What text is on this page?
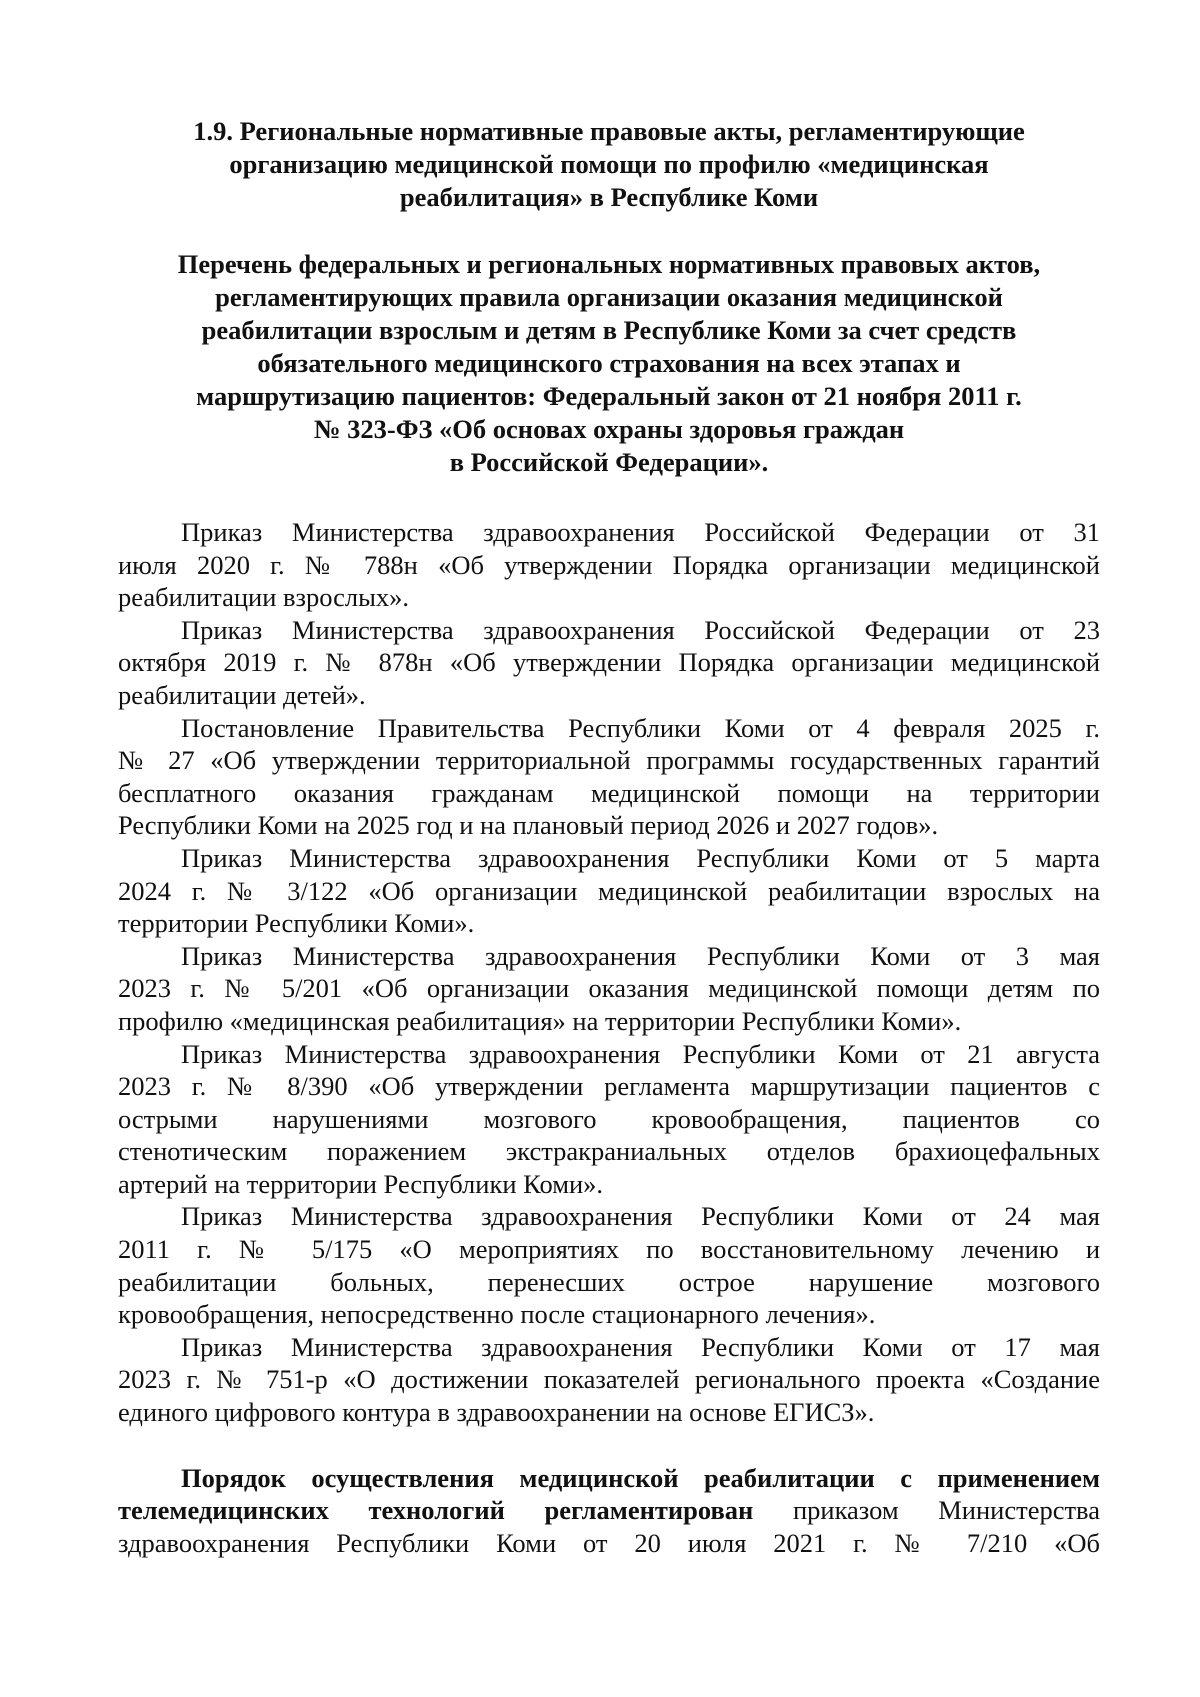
1.9. Региональные нормативные правовые акты, регламентирующие
организацию медицинской помощи по профилю «медицинская
реабилитация» в Республике Коми
Перечень федеральных и региональных нормативных правовых актов,
регламентирующих правила организации оказания медицинской
реабилитации взрослым и детям в Республике Коми за счет средств
обязательного медицинского страхования на всех этапах и
маршрутизацию пациентов: Федеральный закон от 21 ноября 2011 г.
№ 323-ФЗ «Об основах охраны здоровья граждан
в Российской Федерации».

Приказ Министерства здравоохранения Российской Федерации от 31
июля 2020 г. № 788н «Об утверждении Порядка организации медицинской
реабилитации взрослых».

Приказ Министерства здравоохранения Российской Федерации от 23
октября 2019 г. № 878н «Об утверждении Порядка организации медицинской
реабилитации детей».

Постановление Правительства Республики Коми от 4 февраля 2025 г.
№ 27 «Об утверждении территориальной программы государственных гарантий
бесплатного оказания гражданам медицинской помощи на территории
Республики Коми на 2025 год и на плановый период 2026 и 2027 годов».

Приказ Министерства здравоохранения Республики Коми от 5 марта
2024 г. № 3/122 «Об организации медицинской реабилитации взрослых на
территории Республики Коми».

Приказ Министерства здравоохранения Республики Коми от 3 мая
2023 г. № 5/201 «Об организации оказания медицинской помощи детям по
профилю «медицинская реабилитация» на территории Республики Коми».

Приказ Министерства здравоохранения Республики Коми от 21 августа
2023 г. № 8/390 «Об утверждении регламента маршрутизации пациентов с
острыми нарушениями мозгового кровообращения, пациентов со
стенотическим поражением экстракраниальных отделов брахиоцефальных
артерий на территории Республики Коми».

Приказ Министерства здравоохранения Республики Коми от 24 мая
2011 г. № 5/175 «О мероприятиях по восстановительному лечению и
реабилитации больных, перенесших острое нарушение мозгового
кровообращения, непосредственно после стационарного лечения».

Приказ Министерства здравоохранения Республики Коми от 17 мая
2023 г. № 751-р «О достижении показателей регионального проекта «Создание
единого цифрового контура в здравоохранении на основе ЕГИСЗ».

Порядок осуществления медицинской реабилитации с применением
телемедицинских технологий регламентирован приказом Министерства
здравоохранения Республики Коми от 20 июля 2021 г. № 7/210 «Об
